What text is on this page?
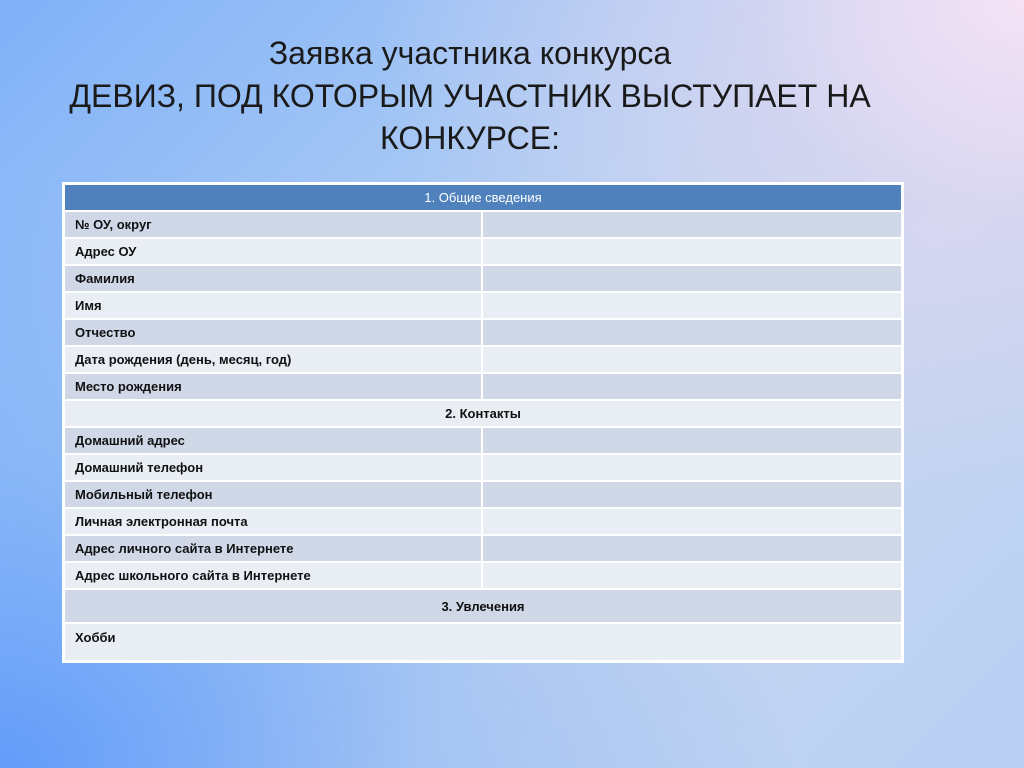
Заявка участника конкурса
ДЕВИЗ, ПОД КОТОРЫМ УЧАСТНИК ВЫСТУПАЕТ НА
КОНКУРСЕ:
1. Общие сведения	
№ ОУ, округ	
Адрес ОУ	
Фамилия	
Имя	
Отчество	
Дата рождения (день, месяц, год)	
Место рождения	
2. Контакты	
Домашний адрес	
Домашний телефон	
Мобильный телефон	
Личная электронная почта	
Адрес личного сайта в Интернете	
Адрес школьного сайта в Интернете	
3. Увлечения	
Хобби	
